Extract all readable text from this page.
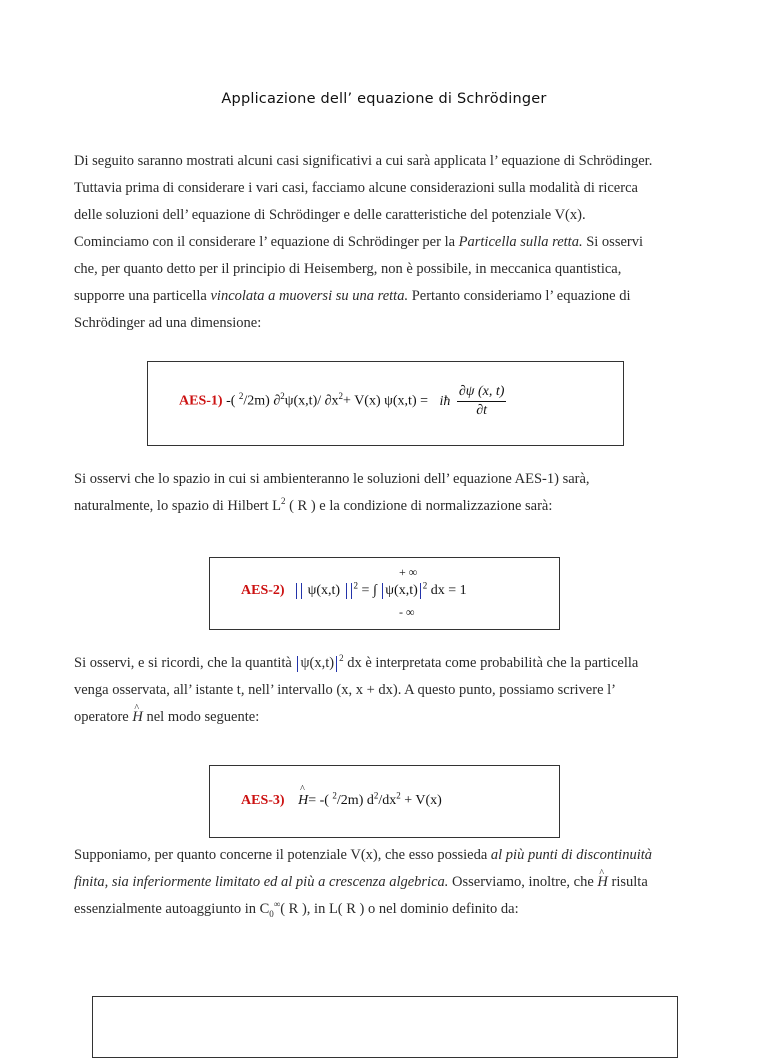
Applicazione dell’ equazione di Schrödinger
Di seguito saranno mostrati alcuni casi significativi a cui sarà applicata l’ equazione di Schrödinger.
Tuttavia prima di considerare i vari casi, facciamo alcune considerazioni sulla modalità di ricerca
delle soluzioni dell’ equazione di Schrödinger e delle caratteristiche del potenziale V(x).
Cominciamo con il considerare l’ equazione di Schrödinger per la Particella sulla retta. Si osservi
che, per quanto detto per il principio di Heisemberg, non è possibile, in meccanica quantistica,
supporre una particella vincolata a muoversi su una retta. Pertanto consideriamo l’ equazione di
Schrödinger ad una dimensione:
AES-1) -( $^2$/2m) ∂$^2$ψ(x,t)/ $\partial x^2+ V(x) \psi(x,t)$ = iħ $\frac{\partial\psi (x, t)}{\partial t}$
Si osservi che lo spazio in cui si ambienteranno le soluzioni dell’ equazione AES-1) sarà,
naturalmente, lo spazio di Hilbert $L^2$ ( R ) e la condizione di normalizzazione sarà:
+ ∞
AES-2) ‖ ψ(x,t) ‖ $^2$ = ∫ ‖ ψ(x,t) ‖ $^2$ dx = 1
- ∞
Si osservi, e si ricordi, che la quantità ‖ ψ(x,t) ‖ $^2$ dx è interpretata come probabilità che la particella
venga osservata, all’ istante t, nell’ intervallo (x, x + dx). A questo punto, possiamo scrivere l’
operatore ^ H nel modo seguente:
AES-3) ^ H= -( $^2$/2m) $d^2/dx^2 + V(x)$
Supponiamo, per quanto concerne il potenziale V(x), che esso possieda al più punti di discontinuità
finita, sia inferiormente limitato ed al più a crescenza algebrica. Osserviamo, inoltre, che ^ H risulta
essenzialmente autoaggiunto in $C_0^\infty$( R ), in L( R ) o nel dominio definito da:
